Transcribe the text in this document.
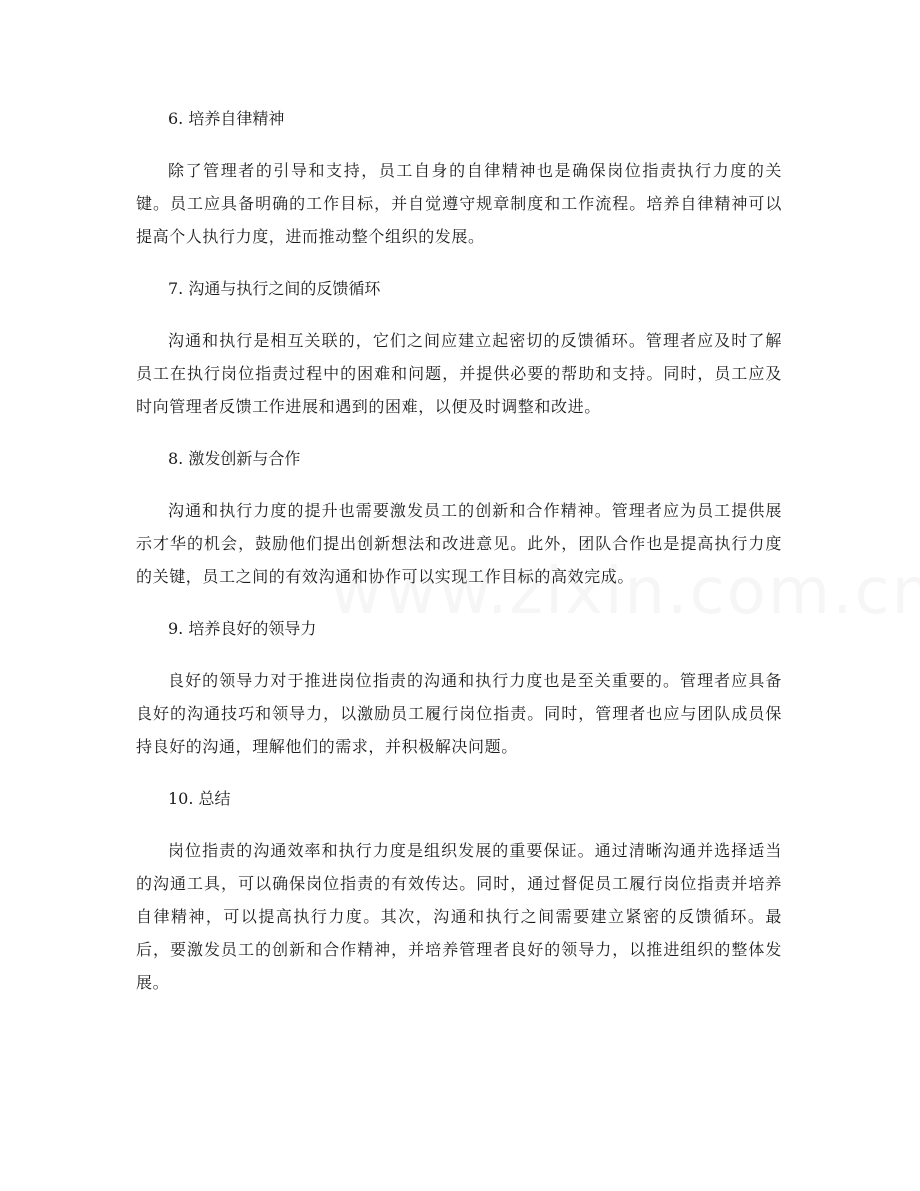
6. 培养自律精神

除了管理者的引导和支持，员工自身的自律精神也是确保岗位指责执行力度的关键。员工应具备明确的工作目标，并自觉遵守规章制度和工作流程。培养自律精神可以提高个人执行力度，进而推动整个组织的发展。

7. 沟通与执行之间的反馈循环

沟通和执行是相互关联的，它们之间应建立起密切的反馈循环。管理者应及时了解员工在执行岗位指责过程中的困难和问题，并提供必要的帮助和支持。同时，员工应及时向管理者反馈工作进展和遇到的困难，以便及时调整和改进。

8. 激发创新与合作

沟通和执行力度的提升也需要激发员工的创新和合作精神。管理者应为员工提供展示才华的机会，鼓励他们提出创新想法和改进意见。此外，团队合作也是提高执行力度的关键，员工之间的有效沟通和协作可以实现工作目标的高效完成。

9. 培养良好的领导力

良好的领导力对于推进岗位指责的沟通和执行力度也是至关重要的。管理者应具备良好的沟通技巧和领导力，以激励员工履行岗位指责。同时，管理者也应与团队成员保持良好的沟通，理解他们的需求，并积极解决问题。

10. 总结

岗位指责的沟通效率和执行力度是组织发展的重要保证。通过清晰沟通并选择适当的沟通工具，可以确保岗位指责的有效传达。同时，通过督促员工履行岗位指责并培养自律精神，可以提高执行力度。其次，沟通和执行之间需要建立紧密的反馈循环。最后，要激发员工的创新和合作精神，并培养管理者良好的领导力，以推进组织的整体发展。
